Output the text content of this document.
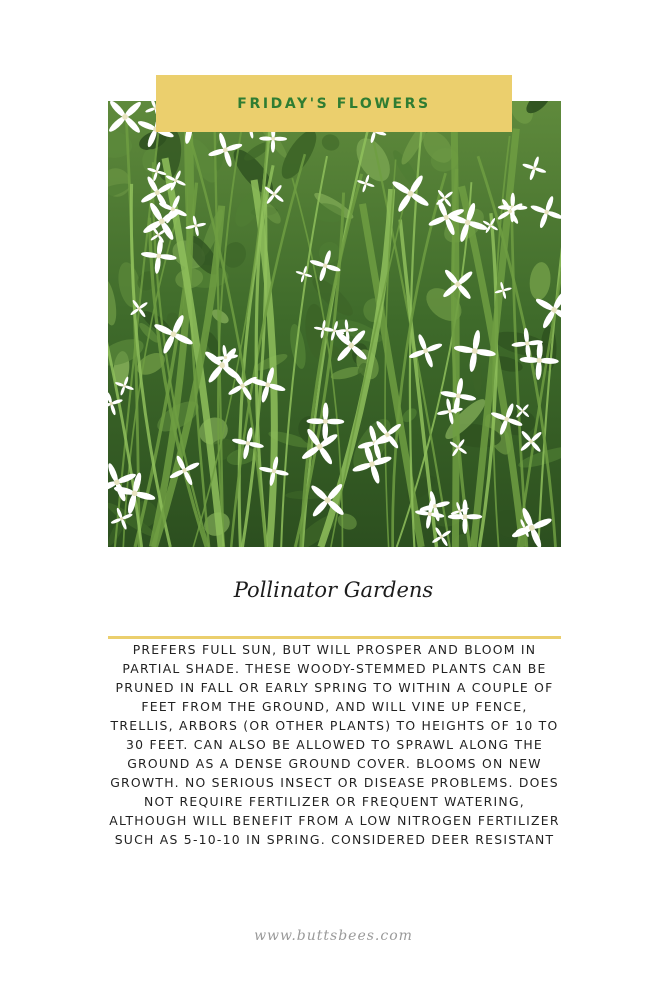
FRIDAY'S FLOWERS
Pollinator Gardens
PREFERS FULL SUN, BUT WILL PROSPER AND BLOOM IN PARTIAL SHADE. THESE WOODY-STEMMED PLANTS CAN BE PRUNED IN FALL OR EARLY SPRING TO WITHIN A COUPLE OF FEET FROM THE GROUND, AND WILL VINE UP FENCE, TRELLIS, ARBORS (OR OTHER PLANTS) TO HEIGHTS OF 10 TO 30 FEET. CAN ALSO BE ALLOWED TO SPRAWL ALONG THE GROUND AS A DENSE GROUND COVER. BLOOMS ON NEW GROWTH. NO SERIOUS INSECT OR DISEASE PROBLEMS. DOES NOT REQUIRE FERTILIZER OR FREQUENT WATERING, ALTHOUGH WILL BENEFIT FROM A LOW NITROGEN FERTILIZER SUCH AS 5-10-10 IN SPRING. CONSIDERED DEER RESISTANT
www.buttsbees.com
